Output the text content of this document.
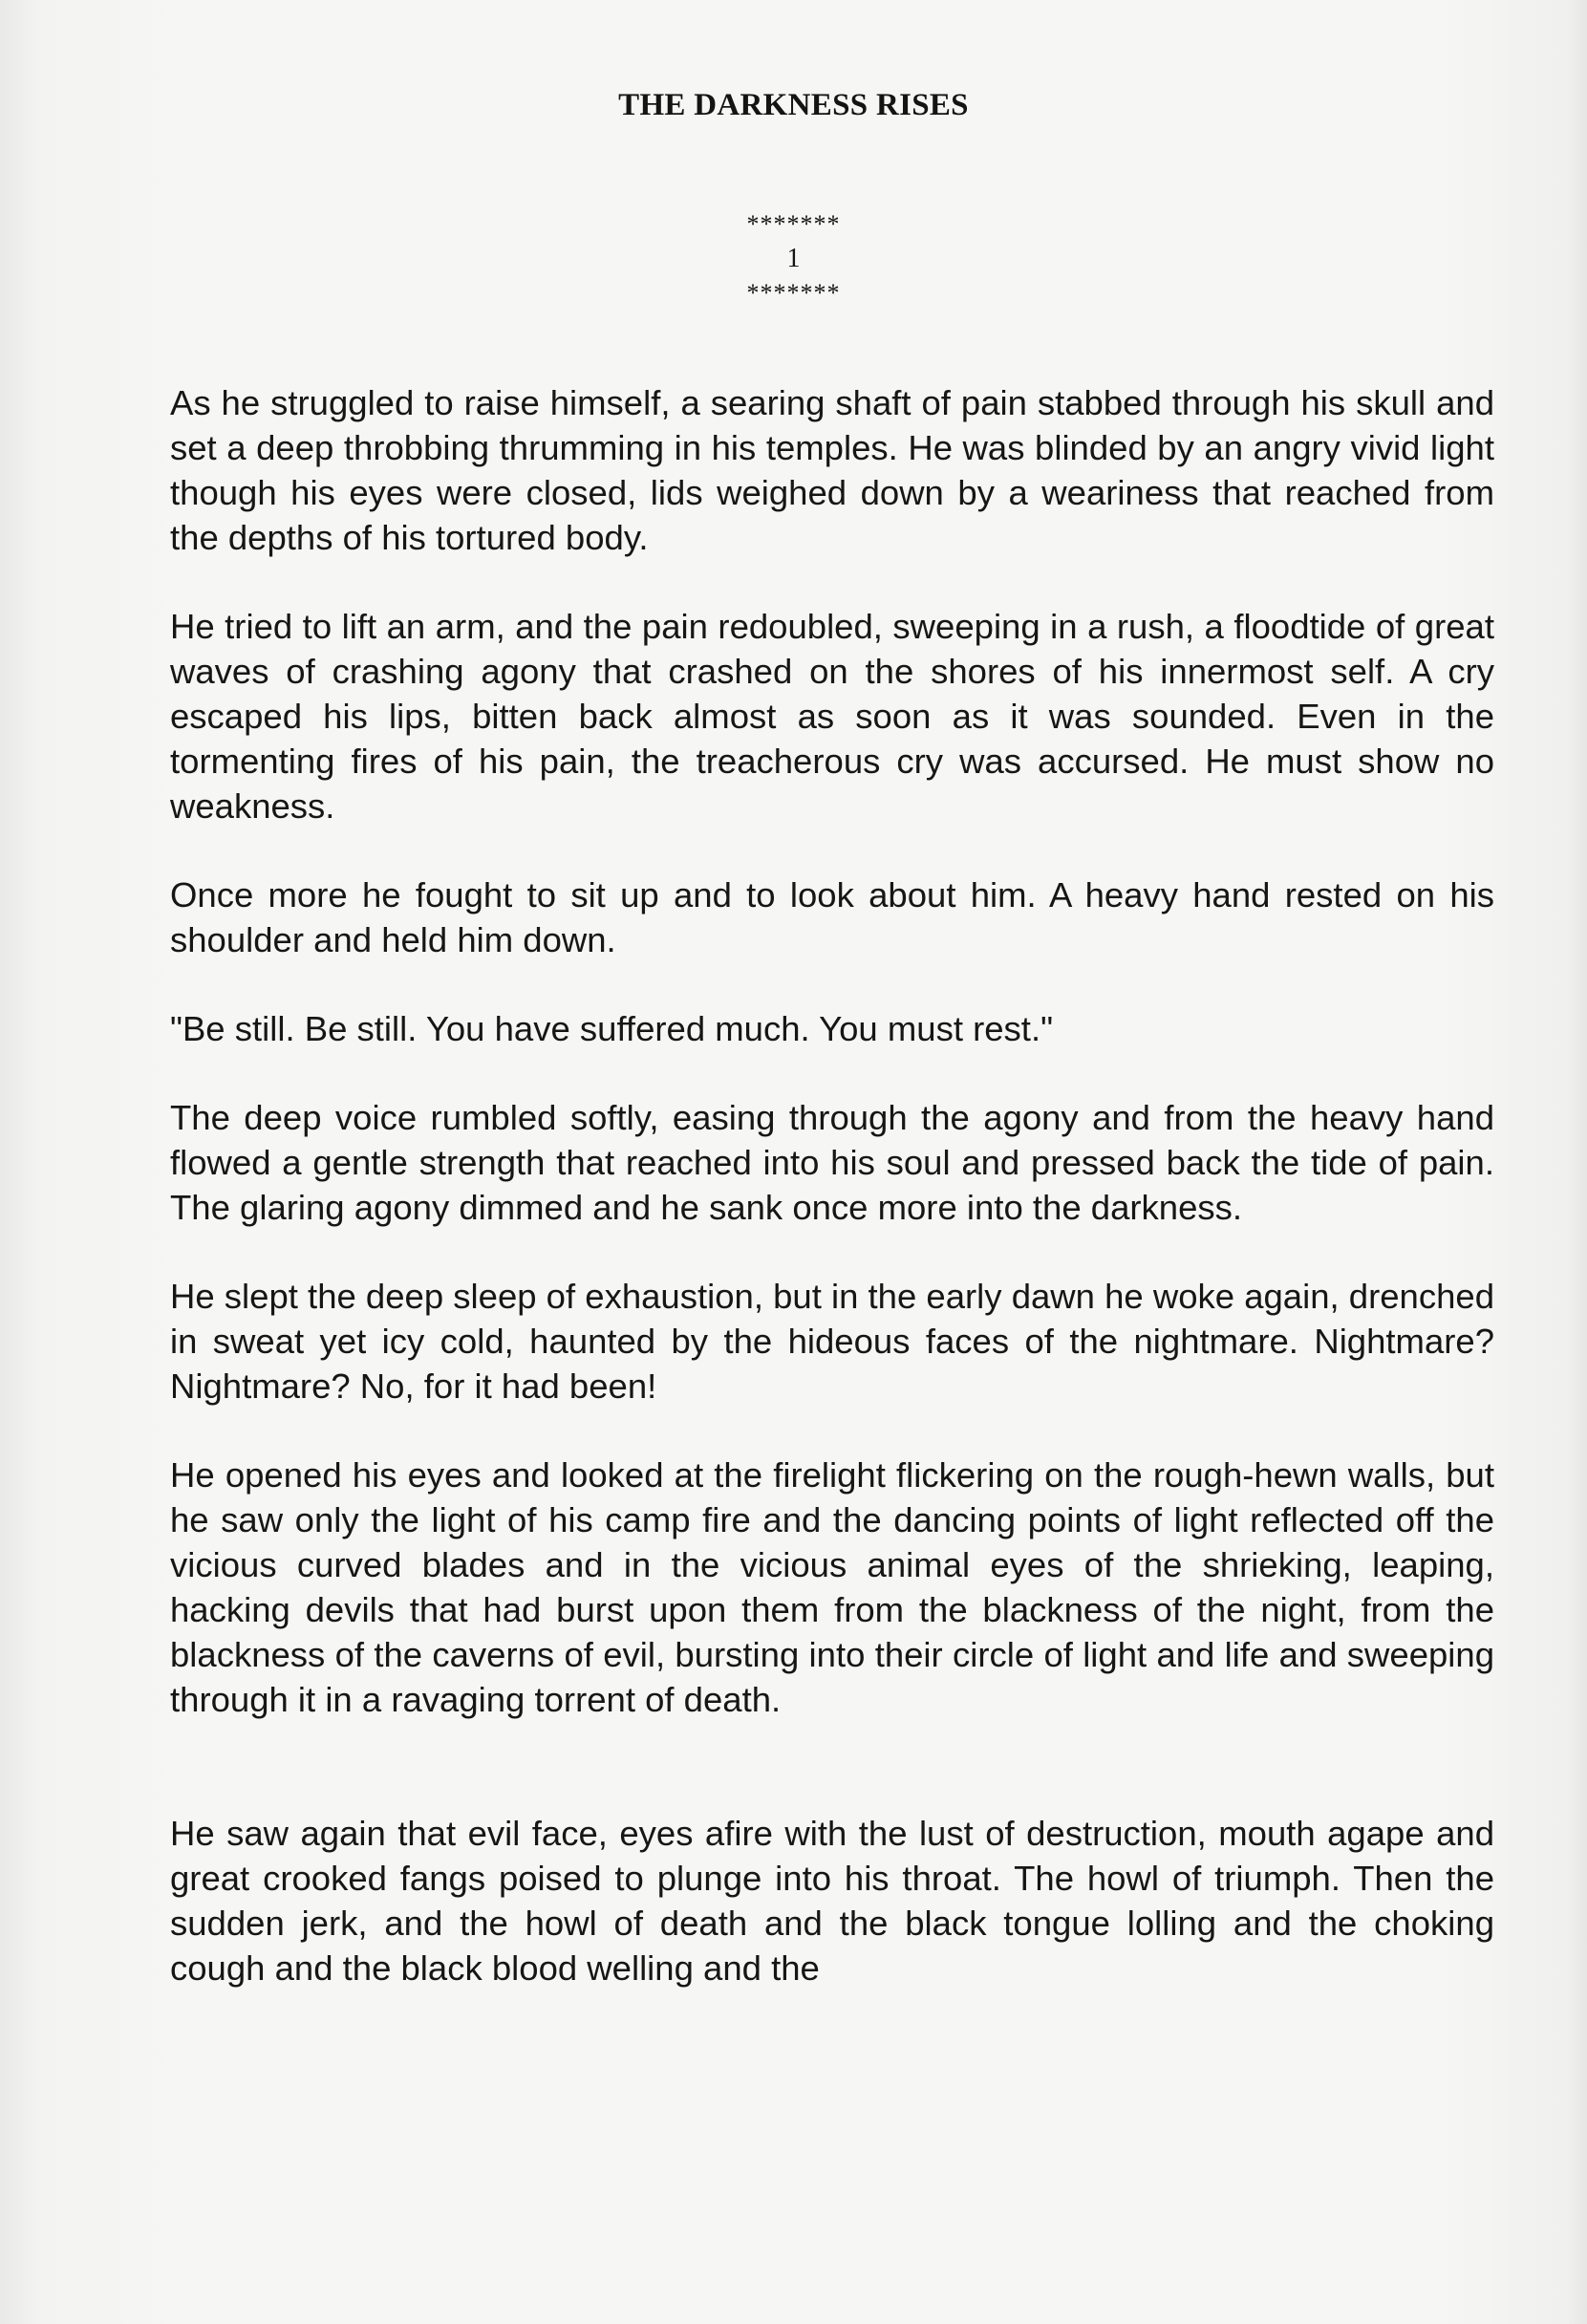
THE DARKNESS RISES
*******
1
*******

As he struggled to raise himself, a searing shaft of pain stabbed through his skull and set a deep throbbing thrumming in his temples. He was blinded by an angry vivid light though his eyes were closed, lids weighed down by a weariness that reached from the depths of his tortured body.

He tried to lift an arm, and the pain redoubled, sweeping in a rush, a floodtide of great waves of crashing agony that crashed on the shores of his innermost self. A cry escaped his lips, bitten back almost as soon as it was sounded. Even in the tormenting fires of his pain, the treacherous cry was accursed. He must show no weakness.

Once more he fought to sit up and to look about him. A heavy hand rested on his shoulder and held him down.

"Be still. Be still. You have suffered much. You must rest."

The deep voice rumbled softly, easing through the agony and from the heavy hand flowed a gentle strength that reached into his soul and pressed back the tide of pain. The glaring agony dimmed and he sank once more into the darkness.

He slept the deep sleep of exhaustion, but in the early dawn he woke again, drenched in sweat yet icy cold, haunted by the hideous faces of the nightmare. Nightmare? Nightmare? No, for it had been!

He opened his eyes and looked at the firelight flickering on the rough-hewn walls, but he saw only the light of his camp fire and the dancing points of light reflected off the vicious curved blades and in the vicious animal eyes of the shrieking, leaping, hacking devils that had burst upon them from the blackness of the night, from the blackness of the caverns of evil, bursting into their circle of light and life and sweeping through it in a ravaging torrent of death.

He saw again that evil face, eyes afire with the lust of destruction, mouth agape and great crooked fangs poised to plunge into his throat. The howl of triumph. Then the sudden jerk, and the howl of death and the black tongue lolling and the choking cough and the black blood welling and the
